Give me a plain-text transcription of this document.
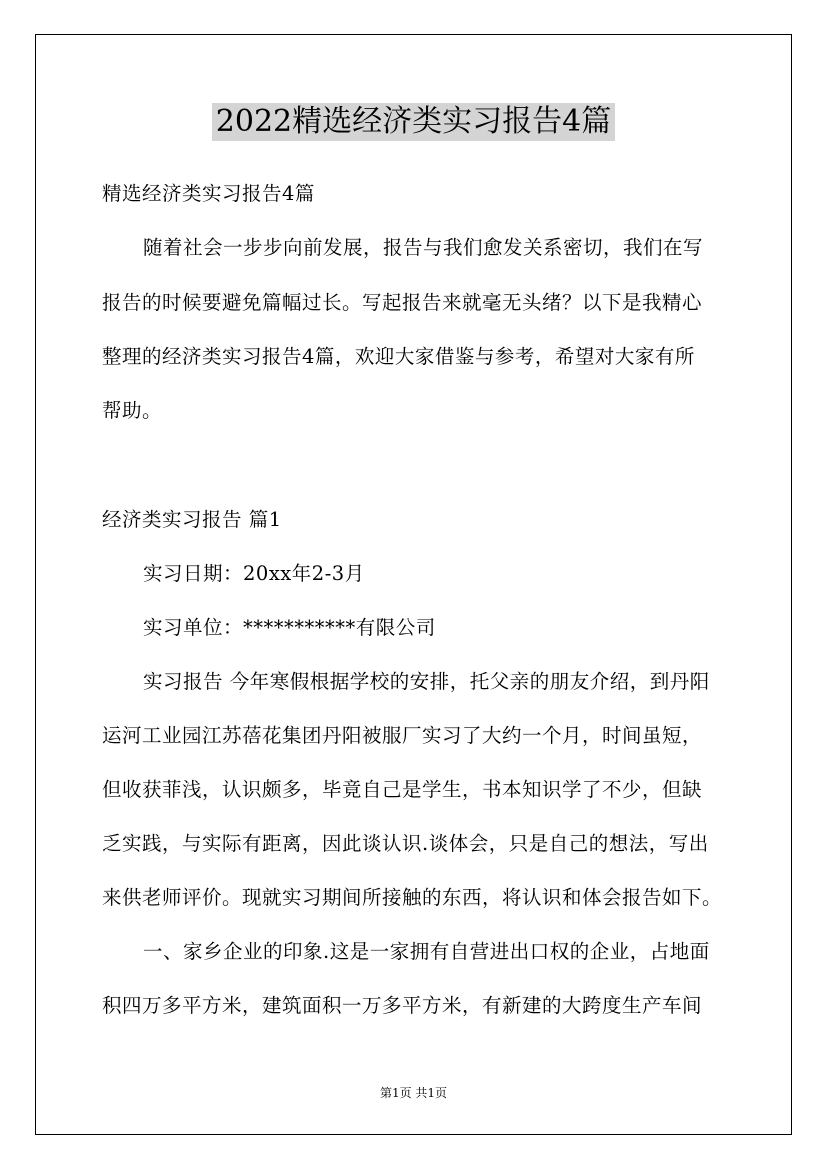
2022精选经济类实习报告4篇
精选经济类实习报告4篇
随着社会一步步向前发展，报告与我们愈发关系密切，我们在写
报告的时候要避免篇幅过长。写起报告来就毫无头绪？以下是我精心
整理的经济类实习报告4篇，欢迎大家借鉴与参考，希望对大家有所
帮助。
经济类实习报告 篇1
实习日期：20xx年2-3月
实习单位：***********有限公司
实习报告 今年寒假根据学校的安排，托父亲的朋友介绍，到丹阳
运河工业园江苏蓓花集团丹阳被服厂实习了大约一个月，时间虽短，
但收获菲浅，认识颇多，毕竟自己是学生，书本知识学了不少，但缺
乏实践，与实际有距离，因此谈认识.谈体会，只是自己的想法，写出
来供老师评价。现就实习期间所接触的东西，将认识和体会报告如下。
一、家乡企业的印象.这是一家拥有自营进出口权的企业，占地面
积四万多平方米，建筑面积一万多平方米，有新建的大跨度生产车间
第1页 共1页
